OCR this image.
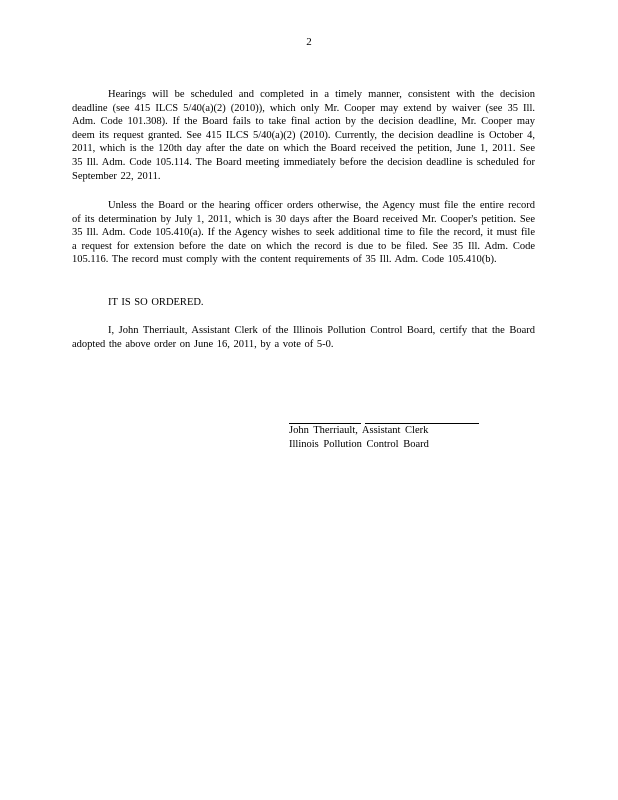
2

Hearings will be scheduled and completed in a timely manner, consistent with the decision deadline (see 415 ILCS 5/40(a)(2) (2010)), which only Mr. Cooper may extend by waiver (see 35 Ill. Adm. Code 101.308). If the Board fails to take final action by the decision deadline, Mr. Cooper may deem its request granted. See 415 ILCS 5/40(a)(2) (2010). Currently, the decision deadline is October 4, 2011, which is the 120th day after the date on which the Board received the petition, June 1, 2011. See 35 Ill. Adm. Code 105.114. The Board meeting immediately before the decision deadline is scheduled for September 22, 2011.

Unless the Board or the hearing officer orders otherwise, the Agency must file the entire record of its determination by July 1, 2011, which is 30 days after the Board received Mr. Cooper's petition. See 35 Ill. Adm. Code 105.410(a). If the Agency wishes to seek additional time to file the record, it must file a request for extension before the date on which the record is due to be filed. See 35 Ill. Adm. Code 105.116. The record must comply with the content requirements of 35 Ill. Adm. Code 105.410(b).

IT IS SO ORDERED.

I, John Therriault, Assistant Clerk of the Illinois Pollution Control Board, certify that the Board adopted the above order on June 16, 2011, by a vote of 5-0.

John Therriault, Assistant Clerk
Illinois Pollution Control Board
